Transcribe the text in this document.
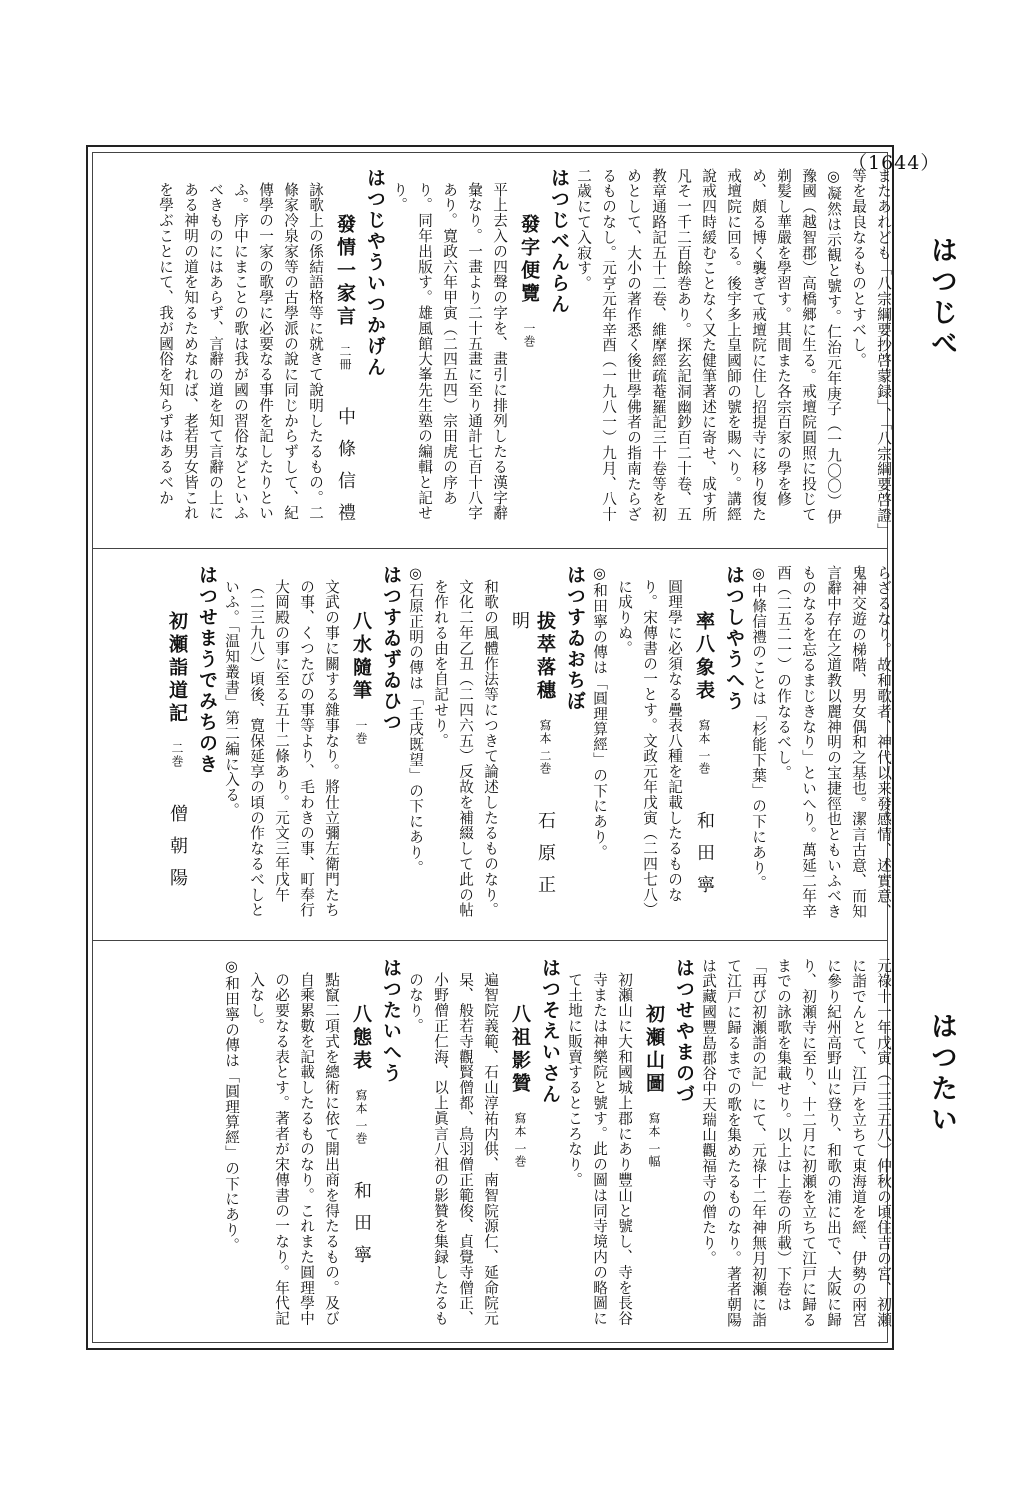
（1644）
はつじべ
はつたい
またあれども「八宗綱要抄啓蒙録」、「八宗綱要啓證」等を最良なるものとすべし。
◎凝然は示観と號す。仁治元年庚子（一九〇〇）伊豫國（越智郡）高橋郷に生る。戒壇院圓照に投じて剃髪し華嚴を學習す。其間また各宗百家の學を修め、頗る博く襲ぎて戒壇院に住し招提寺に移り復た戒壇院に回る。後宇多上皇國師の號を賜へり。講經說戒四時緩むことなく又た健筆著述に寄せ、成す所凡そ一千二百餘巻あり。探玄記洞幽鈔百二十卷、五教章通路記五十二卷、維摩經疏菴羅記三十卷等を初めとして、大小の著作悉く後世學佛者の指南たらざるものなし。元亨元年辛酉（一九八一）九月、八十二歳にて入寂す。
はつじべんらん
發字便覽一巻
平上去入の四聲の字を、畫引に排列したる漢字辭彙なり。一畫より二十五畫に至り通計七百十八字あり。寛政六年甲寅（二四五四）宗田虎の序あり。同年出版す。雄風館大峯先生塾の編輯と記せり。
はつじやういつかげん
發情一家言二冊中條信禮
詠歌上の係結語格等に就きて說明したるもの。二條家冷泉家等の古學派の說に同じからずして、紀傳學の一家の歌學に必要なる事件を記したりといふ。序中にまことの歌は我が國の習俗などといふべきものにはあらず、言辭の道を知て言辭の上にある神明の道を知るためなれば、老若男女皆これを學ぶことにて、我が國俗を知らずはあるべか
らざるなり。故和歌者、神代以来發感情、述實意、鬼神交遊の梯階、男女偶和之基也。潔言古意、而知言辭中存在之道教以麗神明の宝捷徑也ともいふべきものなるを忘るまじきなり」といへり。萬延二年辛酉（二五二一）の作なるべし。
◎中條信禮のことは「杉能下葉」の下にあり。
はつしやうへう
率八象表寫本 一巻和田寧
圓理學に必須なる疊表八種を記載したるものなり。宋傳書の一とす。文政元年戊寅（二四七八）に成りぬ。
◎和田寧の傳は「圓理算經」の下にあり。
はつすゐおちぼ
拔萃落穗寫本 二巻石原正明
和歌の風體作法等につきて論述したるものなり。文化二年乙丑（二四六五）反故を補綴して此の帖を作れる由を自記せり。
◎石原正明の傳は「壬戌既望」の下にあり。
はつすゐずゐひつ
八水隨筆一巻
文武の事に關する雜事なり。將仕立彌左衛門たちの事、くつたびの事等より、毛わきの事、町奉行大岡殿の事に至る五十二條あり。元文三年戊午（二三九八）頃後、寛保延享の頃の作なるべしといふ。「温知叢書」第二編に入る。
はつせまうでみちのき
初瀬詣道記二巻僧朝陽
元祿十一年戊寅（二三五八）仲秋の頃住吉の宮、初瀬に詣でんとて、江戸を立ちて東海道を經、伊勢の兩宮に參り紀州高野山に登り、和歌の浦に出で、大阪に歸り、初瀬寺に至り、十二月に初瀬を立ちて江戸に歸るまでの詠歌を集載せり。以上は上卷の所載）下卷は「再び初瀬詣の記」にて、元祿十二年神無月初瀬に詣て江戸に歸るまでの歌を集めたるものなり。著者朝陽は武藏國豐島郡谷中天瑞山觀福寺の僧たり。
はつせやまのづ
初瀬山圖寫本 一幅
初瀬山に大和國城上郡にあり豐山と號し、寺を長谷寺または神樂院と號す。此の圖は同寺境内の略圖にて土地に販賣するところなり。
はつそえいさん
八祖影贊寫本 一巻
遍智院義範、石山淳祐内供、南智院源仁、延命院元杲、般若寺觀賢僧都、鳥羽僧正範俊、貞覺寺僧正、小野僧正仁海、以上眞言八祖の影贊を集録したるものなり。
はつたいへう
八態表寫本 一巻和田寧
點竄二項式を總術に依て開出商を得たるもの。及び自乘累數を記載したるものなり。これまた圓理學中の必要なる表とす。著者が宋傳書の一なり。年代記入なし。
◎和田寧の傳は「圓理算經」の下にあり。
